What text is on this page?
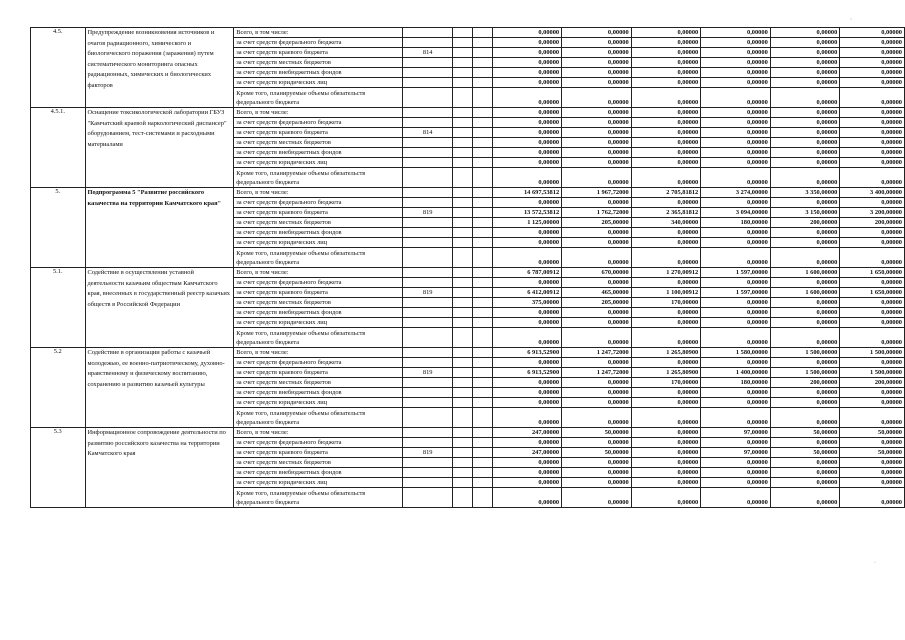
4.5.	Предупреждение возникновения источников и очагов радиационного, химического и биологического поражения (заражения) путем систематического мониторинга опасных радиационных, химических и биологических факторов	Всего, в том числе:				0,00000	0,00000	0,00000	0,00000	0,00000	0,00000
		за счет средств федерального бюджета				0,00000	0,00000	0,00000	0,00000	0,00000	0,00000
		за счет средств краевого бюджета	814			0,00000	0,00000	0,00000	0,00000	0,00000	0,00000
		за счет средств местных бюджетов				0,00000	0,00000	0,00000	0,00000	0,00000	0,00000
		за счет средств внебюджетных фондов				0,00000	0,00000	0,00000	0,00000	0,00000	0,00000
		за счет средств юридических лиц				0,00000	0,00000	0,00000	0,00000	0,00000	0,00000
		Кроме того, планируемые объемы обязательств федерального бюджета				0,00000	0,00000	0,00000	0,00000	0,00000	0,00000
4.5.1.	Оснащение токсикологической лаборатории ГБУЗ "Камчатский краевой наркологический диспансер" оборудованием, тест-системами и расходными материалами	Всего, в том числе:				0,00000	0,00000	0,00000	0,00000	0,00000	0,00000
		за счет средств федерального бюджета				0,00000	0,00000	0,00000	0,00000	0,00000	0,00000
		за счет средств краевого бюджета	814			0,00000	0,00000	0,00000	0,00000	0,00000	0,00000
		за счет средств местных бюджетов				0,00000	0,00000	0,00000	0,00000	0,00000	0,00000
		за счет средств внебюджетных фондов				0,00000	0,00000	0,00000	0,00000	0,00000	0,00000
		за счет средств юридических лиц				0,00000	0,00000	0,00000	0,00000	0,00000	0,00000
		Кроме того, планируемые объемы обязательств федерального бюджета				0,00000	0,00000	0,00000	0,00000	0,00000	0,00000
5.	Подпрограмма 5 "Развитие российского казачества на территории Камчатского края"	Всего, в том числе:				14 697,53812	1 967,72000	2 705,81812	3 274,00000	3 350,00000	3 400,00000
		за счет средств федерального бюджета				0,00000	0,00000	0,00000	0,00000	0,00000	0,00000
		за счет средств краевого бюджета	819			13 572,53812	1 762,72000	2 365,81812	3 094,00000	3 150,00000	3 200,00000
		за счет средств местных бюджетов				1 125,00000	205,00000	340,00000	180,00000	200,00000	200,00000
		за счет средств внебюджетных фондов				0,00000	0,00000	0,00000	0,00000	0,00000	0,00000
		за счет средств юридических лиц				0,00000	0,00000	0,00000	0,00000	0,00000	0,00000
		Кроме того, планируемые объемы обязательств федерального бюджета				0,00000	0,00000	0,00000	0,00000	0,00000	0,00000
5.1.	Содействие в осуществлении уставной деятельности казачьим обществам Камчатского края, внесенных в государственный реестр казачьих обществ в Российской Федерации	Всего, в том числе:				6 787,00912	670,00000	1 270,00912	1 597,00000	1 600,00000	1 650,00000
		за счет средств федерального бюджета				0,00000	0,00000	0,00000	0,00000	0,00000	0,00000
		за счет средств краевого бюджета	819			6 412,00912	465,00000	1 100,00912	1 597,00000	1 600,00000	1 650,00000
		за счет средств местных бюджетов				375,00000	205,00000	170,00000	0,00000	0,00000	0,00000
		за счет средств внебюджетных фондов				0,00000	0,00000	0,00000	0,00000	0,00000	0,00000
		за счет средств юридических лиц				0,00000	0,00000	0,00000	0,00000	0,00000	0,00000
		Кроме того, планируемые объемы обязательств федерального бюджета				0,00000	0,00000	0,00000	0,00000	0,00000	0,00000
5.2	Содействие в организации работы с казачьей молодежью, ее военно-патриотическому, духовно-нравственному и физическому воспитанию, сохранению и развитию казачьей культуры	Всего, в том числе:				6 913,52900	1 247,72000	1 265,80900	1 580,00000	1 500,00000	1 500,00000
		за счет средств федерального бюджета				0,00000	0,00000	0,00000	0,00000	0,00000	0,00000
		за счет средств краевого бюджета	819			6 913,52900	1 247,72000	1 265,80900	1 400,00000	1 500,00000	1 500,00000
		за счет средств местных бюджетов				0,00000	0,00000	170,00000	180,00000	200,00000	200,00000
		за счет средств внебюджетных фондов				0,00000	0,00000	0,00000	0,00000	0,00000	0,00000
		за счет средств юридических лиц				0,00000	0,00000	0,00000	0,00000	0,00000	0,00000
		Кроме того, планируемые объемы обязательств федерального бюджета				0,00000	0,00000	0,00000	0,00000	0,00000	0,00000
5.3	Информационное сопровождение деятельности по развитию российского казачества на территории Камчатского края	Всего, в том числе:				247,00000	50,00000	0,00000	97,00000	50,00000	50,00000
		за счет средств федерального бюджета				0,00000	0,00000	0,00000	0,00000	0,00000	0,00000
		за счет средств краевого бюджета	819			247,00000	50,00000	0,00000	97,00000	50,00000	50,00000
		за счет средств местных бюджетов				0,00000	0,00000	0,00000	0,00000	0,00000	0,00000
		за счет средств внебюджетных фондов				0,00000	0,00000	0,00000	0,00000	0,00000	0,00000
		за счет средств юридических лиц				0,00000	0,00000	0,00000	0,00000	0,00000	0,00000
		Кроме того, планируемые объемы обязательств федерального бюджета				0,00000	0,00000	0,00000	0,00000	0,00000	0,00000
ˏ
·
